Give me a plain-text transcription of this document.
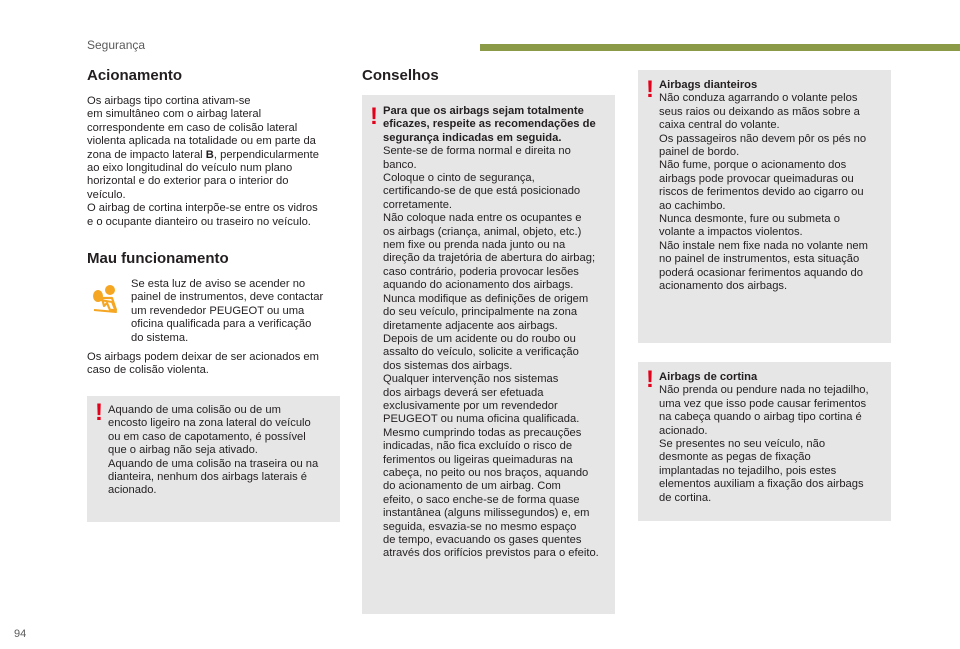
Segurança
Acionamento
Os airbags tipo cortina ativam-se
em simultâneo com o airbag lateral
correspondente em caso de colisão lateral
violenta aplicada na totalidade ou em parte da
zona de impacto lateral B, perpendicularmente
ao eixo longitudinal do veículo num plano
horizontal e do exterior para o interior do
veículo.
O airbag de cortina interpõe-se entre os vidros
e o ocupante dianteiro ou traseiro no veículo.
Mau funcionamento
Se esta luz de aviso se acender no
painel de instrumentos, deve contactar
um revendedor PEUGEOT ou uma
oficina qualificada para a verificação
do sistema.
Os airbags podem deixar de ser acionados em
caso de colisão violenta.
! Aquando de uma colisão ou de um
encosto ligeiro na zona lateral do veículo
ou em caso de capotamento, é possível
que o airbag não seja ativado.
Aquando de uma colisão na traseira ou na
dianteira, nenhum dos airbags laterais é
acionado.
Conselhos
! Para que os airbags sejam totalmente
eficazes, respeite as recomendações de
segurança indicadas em seguida.
Sente-se de forma normal e direita no
banco.
Coloque o cinto de segurança,
certificando-se de que está posicionado
corretamente.
Não coloque nada entre os ocupantes e
os airbags (criança, animal, objeto, etc.)
nem fixe ou prenda nada junto ou na
direção da trajetória de abertura do airbag;
caso contrário, poderia provocar lesões
aquando do acionamento dos airbags.
Nunca modifique as definições de origem
do seu veículo, principalmente na zona
diretamente adjacente aos airbags.
Depois de um acidente ou do roubo ou
assalto do veículo, solicite a verificação
dos sistemas dos airbags.
Qualquer intervenção nos sistemas
dos airbags deverá ser efetuada
exclusivamente por um revendedor
PEUGEOT ou numa oficina qualificada.
Mesmo cumprindo todas as precauções
indicadas, não fica excluído o risco de
ferimentos ou ligeiras queimaduras na
cabeça, no peito ou nos braços, aquando
do acionamento de um airbag. Com
efeito, o saco enche-se de forma quase
instantânea (alguns milissegundos) e, em
seguida, esvazia-se no mesmo espaço
de tempo, evacuando os gases quentes
através dos orifícios previstos para o efeito.
! Airbags dianteiros
Não conduza agarrando o volante pelos
seus raios ou deixando as mãos sobre a
caixa central do volante.
Os passageiros não devem pôr os pés no
painel de bordo.
Não fume, porque o acionamento dos
airbags pode provocar queimaduras ou
riscos de ferimentos devido ao cigarro ou
ao cachimbo.
Nunca desmonte, fure ou submeta o
volante a impactos violentos.
Não instale nem fixe nada no volante nem
no painel de instrumentos, esta situação
poderá ocasionar ferimentos aquando do
acionamento dos airbags.
! Airbags de cortina
Não prenda ou pendure nada no tejadilho,
uma vez que isso pode causar ferimentos
na cabeça quando o airbag tipo cortina é
acionado.
Se presentes no seu veículo, não
desmonte as pegas de fixação
implantadas no tejadilho, pois estes
elementos auxiliam a fixação dos airbags
de cortina.
94
